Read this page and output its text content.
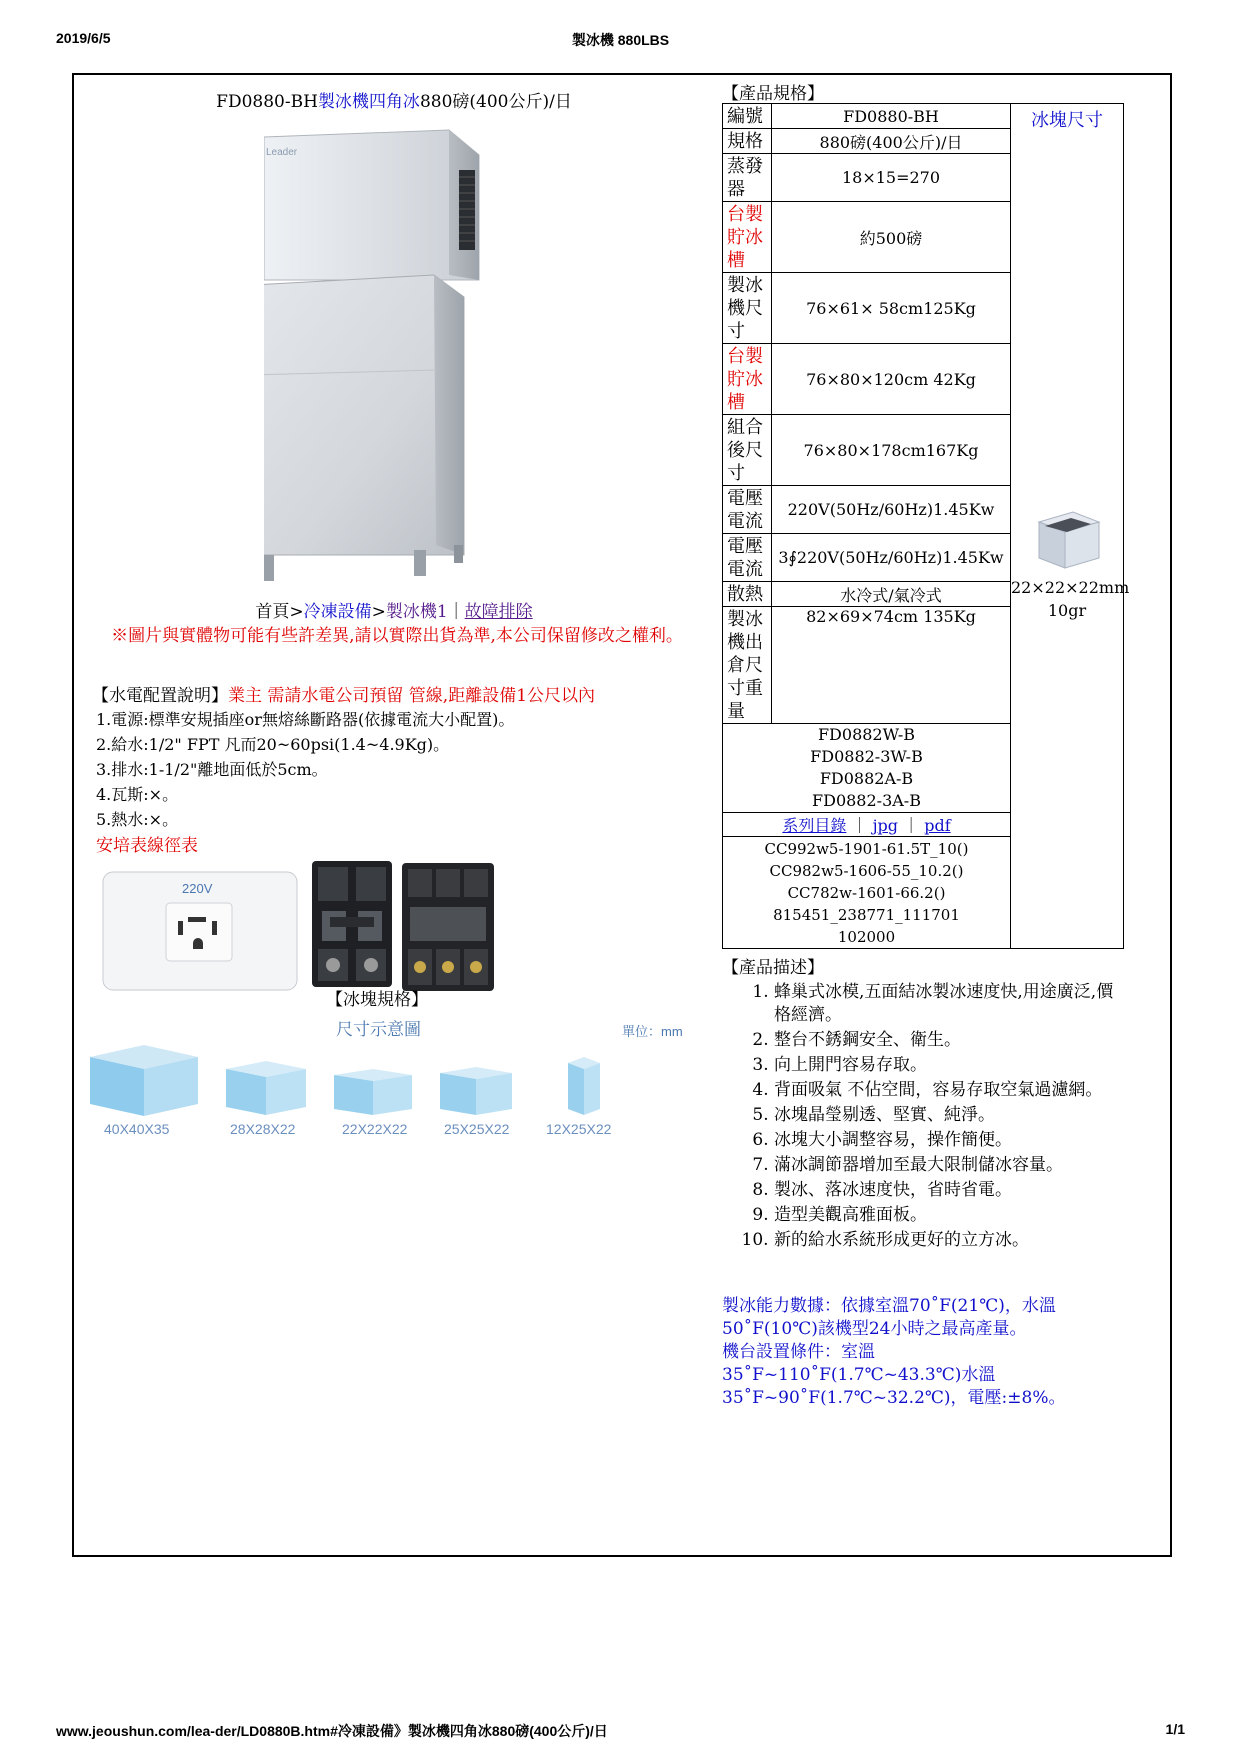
2019/6/5	製冰機 880LBS
FD0880-BH製冰機四角冰880磅(400公斤)/日
Leader
首頁>冷凍設備>製冰機1｜故障排除
※圖片與實體物可能有些許差異,請以實際出貨為準,本公司保留修改之權利。
【水電配置說明】業主 需請水電公司預留 管線,距離設備1公尺以內
1.電源:標準安規插座or無熔絲斷路器(依據電流大小配置)。
2.給水:1/2" FPT 凡而20~60psi(1.4~4.9Kg)。
3.排水:1-1/2"離地面低於5cm。
4.瓦斯:×。
5.熱水:×。
安培表線徑表
220V
【冰塊規格】
尺寸示意圖	單位：mm
40X40X35	28X28X22	22X22X22	25X25X22	12X25X22
【產品規格】
編號	FD0880-BH	冰塊尺寸
22×22×22mm
10gr

規格	880磅(400公斤)/日	
蒸發器	18×15=270	
台製貯冰槽	約500磅	
製冰機尺寸	76×61× 58cm125Kg	
台製貯冰槽	76×80×120cm 42Kg	
組合後尺寸	76×80×178cm167Kg	
電壓電流	220V(50Hz/60Hz)1.45Kw	
電壓電流	3∮220V(50Hz/60Hz)1.45Kw	
散熱	水冷式/氣冷式	
製冰機出倉尺寸重量	82×69×74cm 135Kg	

FD0882W-B
FD0882-3W-B
FD0882A-B
FD0882-3A-B		

系列目錄 ｜ jpg ｜ pdf		

CC992w5-1901-61.5T_10()
CC982w5-1606-55_10.2()
CC782w-1601-66.2()
815451_238771_111701
102000		
【產品描述】
1. 蜂巢式冰模,五面結冰製冰速度快,用途廣泛,價格經濟。
2. 整台不銹鋼安全、衛生。
3. 向上開門容易存取。
4. 背面吸氣 不佔空間，容易存取空氣過濾網。
5. 冰塊晶瑩剔透、堅實、純淨。
6. 冰塊大小調整容易，操作簡便。
7. 滿冰調節器增加至最大限制儲冰容量。
8. 製冰、落冰速度快，省時省電。
9. 造型美觀高雅面板。
10. 新的給水系統形成更好的立方冰。
製冰能力數據：依據室溫70˚F(21℃)，水溫50˚F(10℃)該機型24小時之最高產量。
機台設置條件：室溫35˚F~110˚F(1.7℃~43.3℃)水溫35˚F~90˚F(1.7℃~32.2℃)，電壓:±8%。
www.jeoushun.com/lea-der/LD0880B.htm#冷凍設備》製冰機四角冰880磅(400公斤)/日	1/1
